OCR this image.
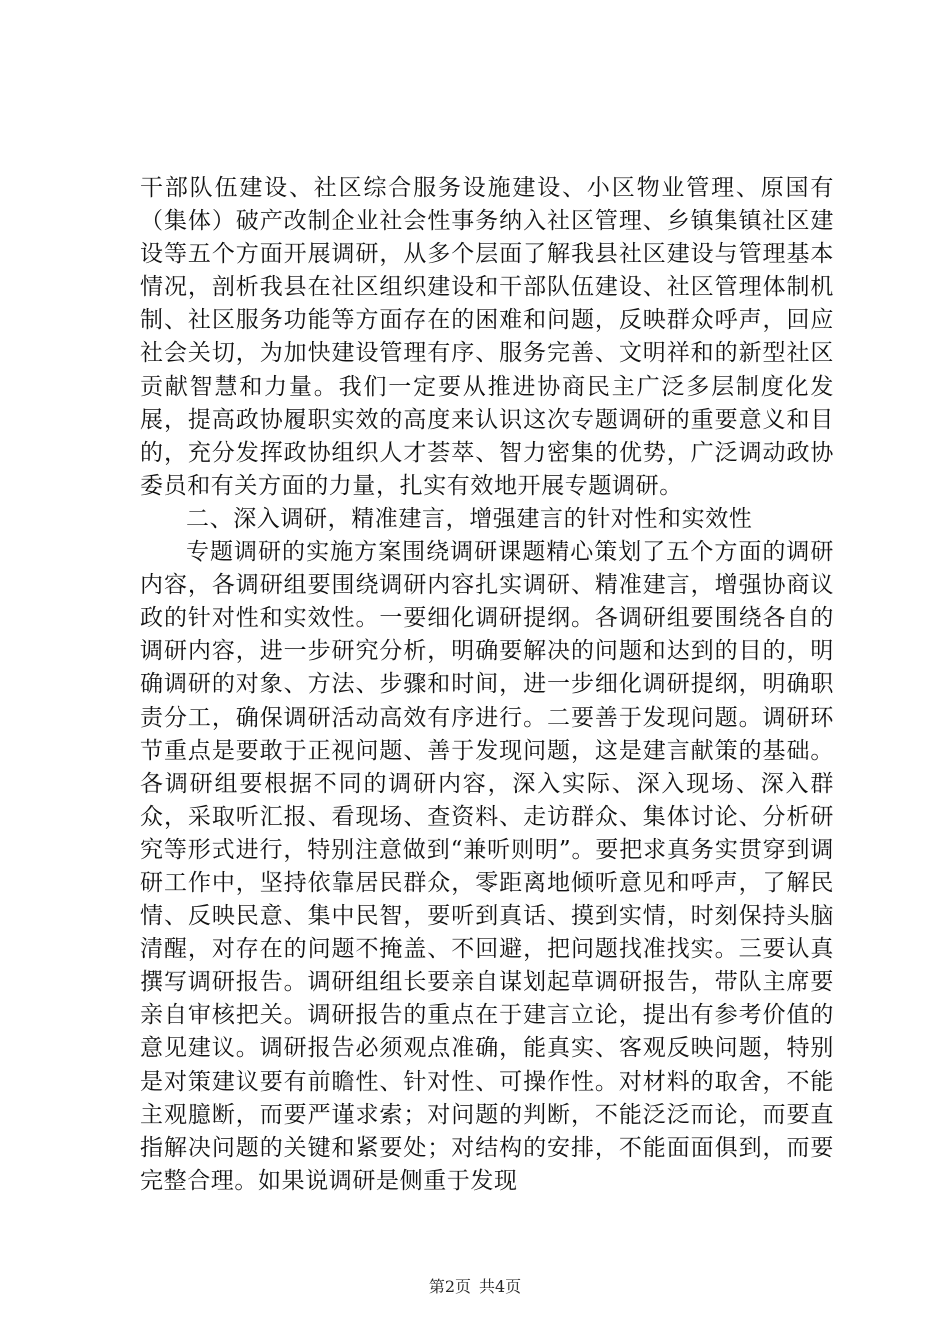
干部队伍建设、社区综合服务设施建设、小区物业管理、原国有（集体）破产改制企业社会性事务纳入社区管理、乡镇集镇社区建设等五个方面开展调研，从多个层面了解我县社区建设与管理基本情况，剖析我县在社区组织建设和干部队伍建设、社区管理体制机制、社区服务功能等方面存在的困难和问题，反映群众呼声，回应社会关切，为加快建设管理有序、服务完善、文明祥和的新型社区贡献智慧和力量。我们一定要从推进协商民主广泛多层制度化发展，提高政协履职实效的高度来认识这次专题调研的重要意义和目的，充分发挥政协组织人才荟萃、智力密集的优势，广泛调动政协委员和有关方面的力量，扎实有效地开展专题调研。

二、深入调研，精准建言，增强建言的针对性和实效性

专题调研的实施方案围绕调研课题精心策划了五个方面的调研内容，各调研组要围绕调研内容扎实调研、精准建言，增强协商议政的针对性和实效性。一要细化调研提纲。各调研组要围绕各自的调研内容，进一步研究分析，明确要解决的问题和达到的目的，明确调研的对象、方法、步骤和时间，进一步细化调研提纲，明确职责分工，确保调研活动高效有序进行。二要善于发现问题。调研环节重点是要敢于正视问题、善于发现问题，这是建言献策的基础。各调研组要根据不同的调研内容，深入实际、深入现场、深入群众，采取听汇报、看现场、查资料、走访群众、集体讨论、分析研究等形式进行，特别注意做到“兼听则明”。要把求真务实贯穿到调研工作中，坚持依靠居民群众，零距离地倾听意见和呼声，了解民情、反映民意、集中民智，要听到真话、摸到实情，时刻保持头脑清醒，对存在的问题不掩盖、不回避，把问题找准找实。三要认真撰写调研报告。调研组组长要亲自谋划起草调研报告，带队主席要亲自审核把关。调研报告的重点在于建言立论，提出有参考价值的意见建议。调研报告必须观点准确，能真实、客观反映问题，特别是对策建议要有前瞻性、针对性、可操作性。对材料的取舍，不能主观臆断，而要严谨求索；对问题的判断，不能泛泛而论，而要直指解决问题的关键和紧要处；对结构的安排，不能面面俱到，而要完整合理。如果说调研是侧重于发现

第2页 共4页
